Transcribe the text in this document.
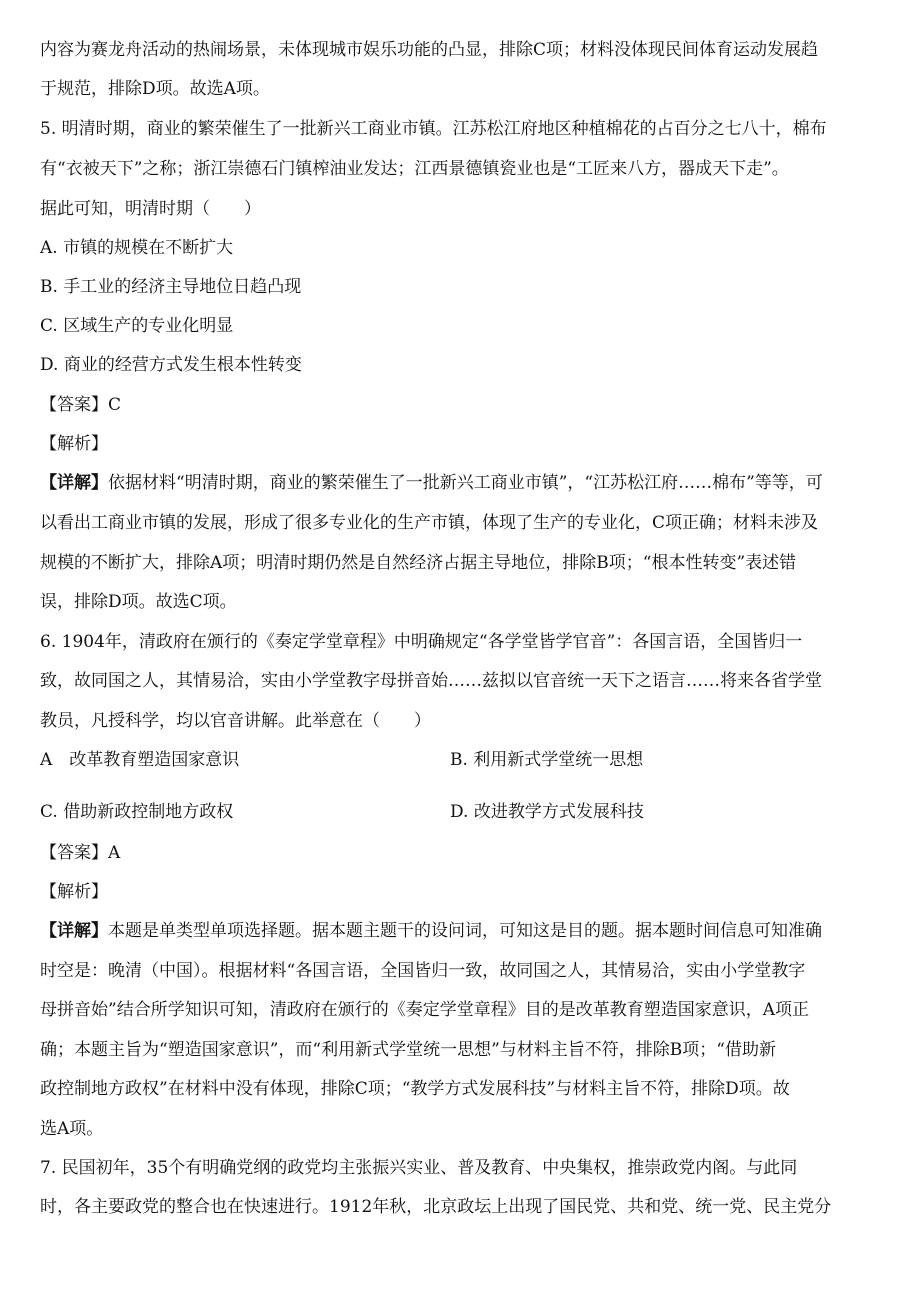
内容为赛龙舟活动的热闹场景，未体现城市娱乐功能的凸显，排除C项；材料没体现民间体育运动发展趋
于规范，排除D项。故选A项。
5. 明清时期，商业的繁荣催生了一批新兴工商业市镇。江苏松江府地区种植棉花的占百分之七八十，棉布
有“衣被天下”之称；浙江崇德石门镇榨油业发达；江西景德镇瓷业也是“工匠来八方，器成天下走”。
据此可知，明清时期（　　）
A. 市镇的规模在不断扩大
B. 手工业的经济主导地位日趋凸现
C. 区域生产的专业化明显
D. 商业的经营方式发生根本性转变
【答案】C
【解析】
【详解】依据材料“明清时期，商业的繁荣催生了一批新兴工商业市镇”，“江苏松江府……棉布”等等，可
以看出工商业市镇的发展，形成了很多专业化的生产市镇，体现了生产的专业化，C项正确；材料未涉及
规模的不断扩大，排除A项；明清时期仍然是自然经济占据主导地位，排除B项；“根本性转变”表述错
误，排除D项。故选C项。
6. 1904年，清政府在颁行的《奏定学堂章程》中明确规定“各学堂皆学官音”：各国言语，全国皆归一
致，故同国之人，其情易洽，实由小学堂教字母拼音始……兹拟以官音统一天下之语言……将来各省学堂
教员，凡授科学，均以官音讲解。此举意在（　　）
A　改革教育塑造国家意识	B. 利用新式学堂统一思想
C. 借助新政控制地方政权	D. 改进教学方式发展科技
【答案】A
【解析】
【详解】本题是单类型单项选择题。据本题主题干的设问词，可知这是目的题。据本题时间信息可知准确
时空是：晚清（中国）。根据材料“各国言语，全国皆归一致，故同国之人，其情易洽，实由小学堂教字
母拼音始”结合所学知识可知，清政府在颁行的《奏定学堂章程》目的是改革教育塑造国家意识，A项正
确；本题主旨为“塑造国家意识”，而“利用新式学堂统一思想”与材料主旨不符，排除B项；“借助新
政控制地方政权”在材料中没有体现，排除C项；“教学方式发展科技”与材料主旨不符，排除D项。故
选A项。
7. 民国初年，35个有明确党纲的政党均主张振兴实业、普及教育、中央集权，推崇政党内阁。与此同
时，各主要政党的整合也在快速进行。1912年秋，北京政坛上出现了国民党、共和党、统一党、民主党分
